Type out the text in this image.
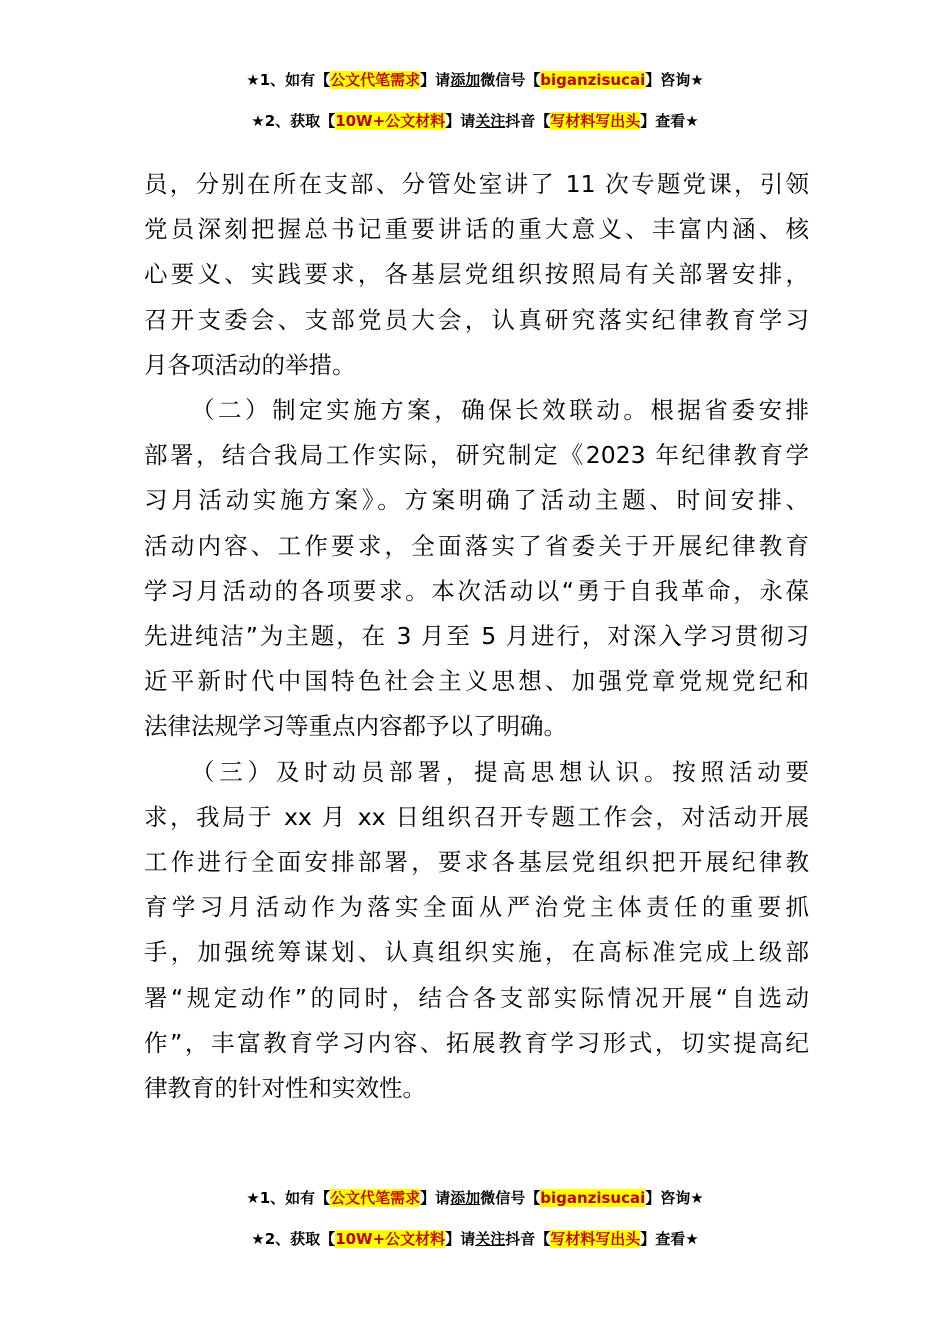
★1、如有【公文代笔需求】请添加微信号【biganzisucai】咨询★
★2、获取【10W+公文材料】请关注抖音【写材料写出头】查看★

员，分别在所在支部、分管处室讲了 11 次专题党课，引领
党员深刻把握总书记重要讲话的重大意义、丰富内涵、核
心要义、实践要求，各基层党组织按照局有关部署安排，
召开支委会、支部党员大会，认真研究落实纪律教育学习
月各项活动的举措。

（二）制定实施方案，确保长效联动。根据省委安排
部署，结合我局工作实际，研究制定《2023 年纪律教育学
习月活动实施方案》。方案明确了活动主题、时间安排、
活动内容、工作要求，全面落实了省委关于开展纪律教育
学习月活动的各项要求。本次活动以“勇于自我革命，永葆
先进纯洁”为主题，在 3 月至 5 月进行，对深入学习贯彻习
近平新时代中国特色社会主义思想、加强党章党规党纪和
法律法规学习等重点内容都予以了明确。

（三）及时动员部署，提高思想认识。按照活动要
求，我局于 xx 月 xx 日组织召开专题工作会，对活动开展
工作进行全面安排部署，要求各基层党组织把开展纪律教
育学习月活动作为落实全面从严治党主体责任的重要抓
手，加强统筹谋划、认真组织实施，在高标准完成上级部
署“规定动作”的同时，结合各支部实际情况开展“自选动
作”，丰富教育学习内容、拓展教育学习形式，切实提高纪
律教育的针对性和实效性。

★1、如有【公文代笔需求】请添加微信号【biganzisucai】咨询★
★2、获取【10W+公文材料】请关注抖音【写材料写出头】查看★
